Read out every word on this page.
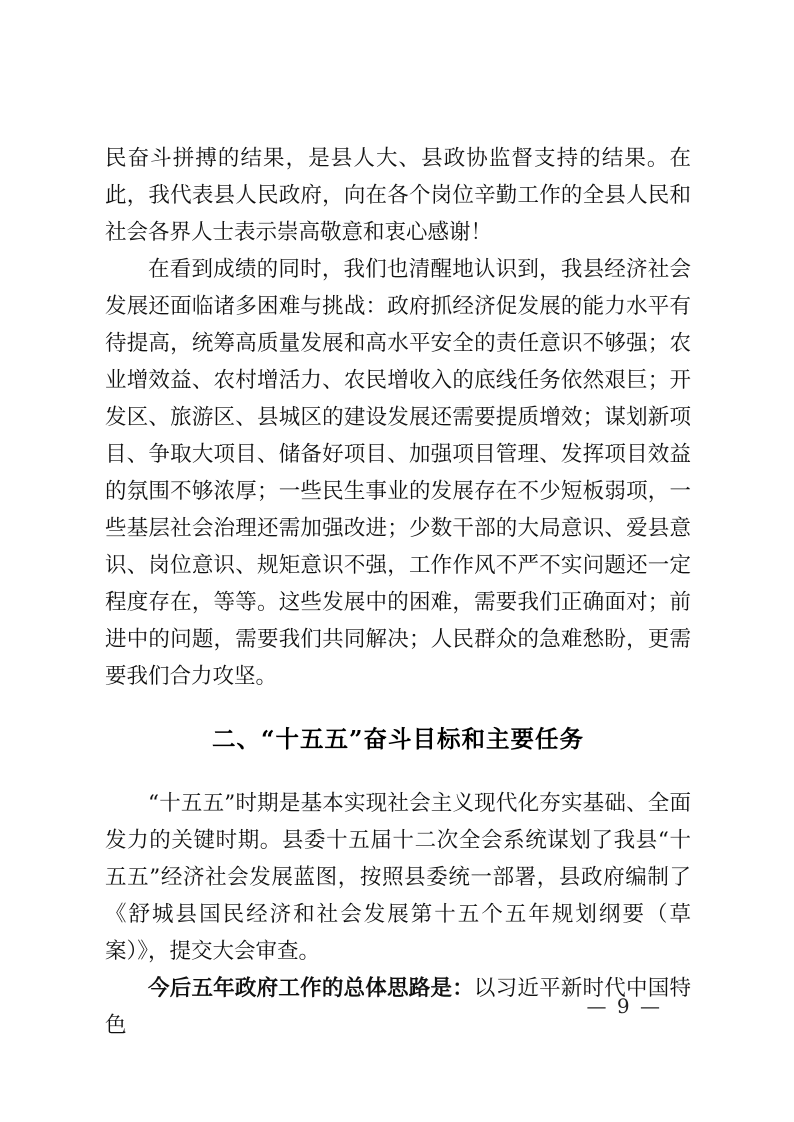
民奋斗拼搏的结果，是县人大、县政协监督支持的结果。在此，我代表县人民政府，向在各个岗位辛勤工作的全县人民和社会各界人士表示崇高敬意和衷心感谢！

在看到成绩的同时，我们也清醒地认识到，我县经济社会发展还面临诸多困难与挑战：政府抓经济促发展的能力水平有待提高，统筹高质量发展和高水平安全的责任意识不够强；农业增效益、农村增活力、农民增收入的底线任务依然艰巨；开发区、旅游区、县城区的建设发展还需要提质增效；谋划新项目、争取大项目、储备好项目、加强项目管理、发挥项目效益的氛围不够浓厚；一些民生事业的发展存在不少短板弱项，一些基层社会治理还需加强改进；少数干部的大局意识、爱县意识、岗位意识、规矩意识不强，工作作风不严不实问题还一定程度存在，等等。这些发展中的困难，需要我们正确面对；前进中的问题，需要我们共同解决；人民群众的急难愁盼，更需要我们合力攻坚。

二、“十五五”奋斗目标和主要任务

“十五五”时期是基本实现社会主义现代化夯实基础、全面发力的关键时期。县委十五届十二次全会系统谋划了我县“十五五”经济社会发展蓝图，按照县委统一部署，县政府编制了《舒城县国民经济和社会发展第十五个五年规划纲要（草案）》，提交大会审查。

今后五年政府工作的总体思路是：以习近平新时代中国特色

— 9 —
